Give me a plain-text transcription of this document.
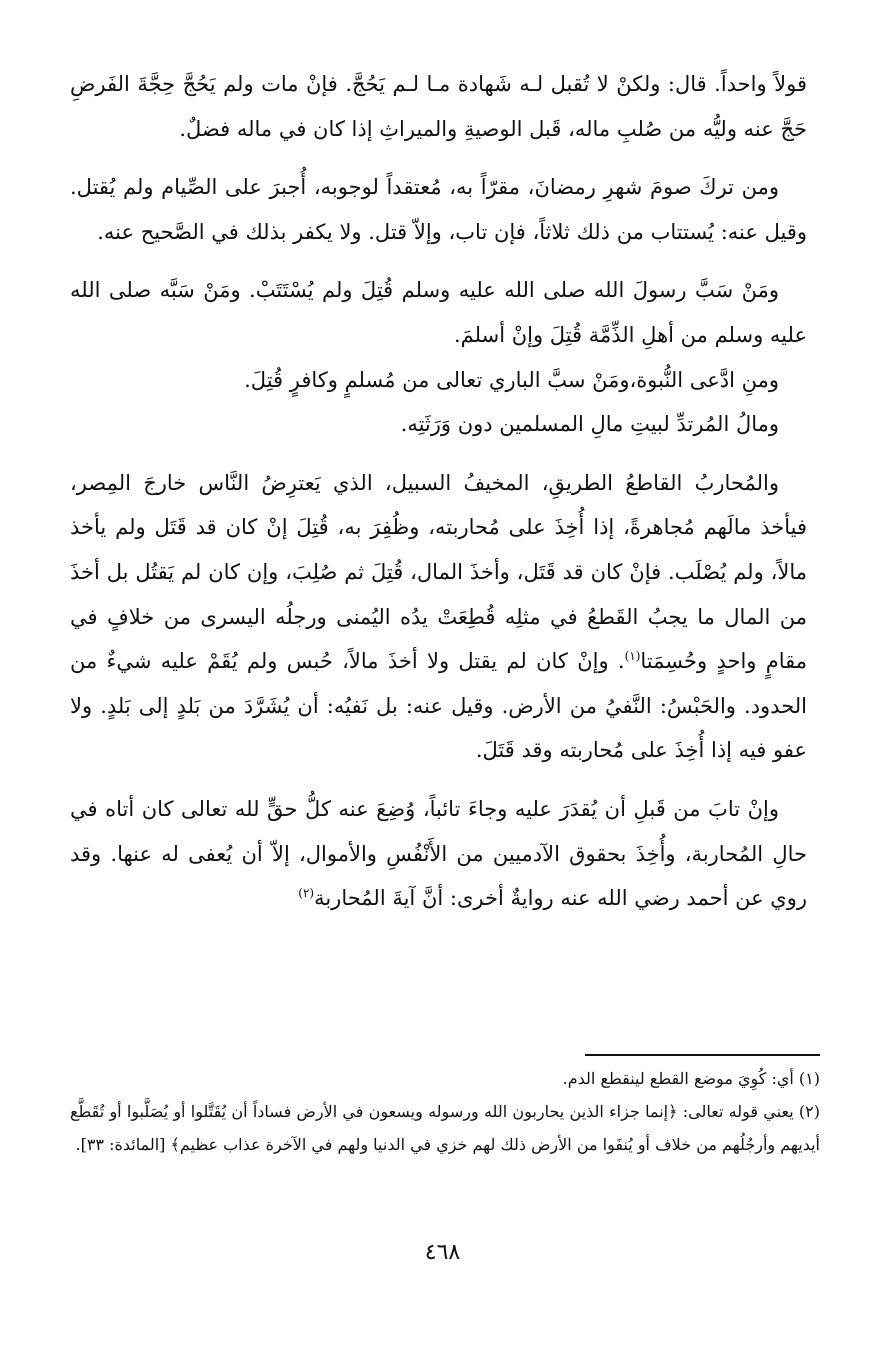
قولاً واحداً. قال: ولكنْ لا تُقبل لـه شَهادة مـا لـم يَحُجَّ. فإنْ مات ولم يَحُجَّ حِجَّةَ الفَرضِ حَجَّ عنه وليُّه من صُلبِ ماله، قَبل الوصيةِ والميراثِ إذا كان في ماله فضلٌ.

ومن تركَ صومَ شهرِ رمضانَ، مقرّاً به، مُعتقداً لوجوبه، أُجبرَ على الصِّيام ولم يُقتل. وقيل عنه: يُستتاب من ذلك ثلاثاً، فإن تاب، وإلاّ قتل. ولا يكفر بذلك في الصَّحيح عنه.

ومَنْ سَبَّ رسولَ الله صلى الله عليه وسلم قُتِلَ ولم يُسْتَتَبْ. ومَنْ سَبَّه صلى الله عليه وسلم من أهلِ الذِّمَّة قُتِلَ وإنْ أسلمَ.

ومنِ ادَّعى النُّبوة،ومَنْ سبَّ الباري تعالى من مُسلمٍ وكافرٍ قُتِلَ.

ومالُ المُرتدِّ لبيتِ مالِ المسلمين دون وَرَثَتِه.

والمُحاربُ القاطعُ الطريقِ، المخيفُ السبيل، الذي يَعترِضُ النَّاس خارجَ المِصر، فيأخذ مالَهم مُجاهرةً، إذا أُخِذَ على مُحاربته، وظُفِرَ به، قُتِلَ إنْ كان قد قَتَل ولم يأخذ مالاً، ولم يُصْلَب. فإنْ كان قد قَتَل، وأخذَ المال، قُتِلَ ثم صُلِبَ، وإن كان لم يَقتُل بل أخذَ من المال ما يجبُ القَطعُ في مثلِه قُطِعَتْ يدُه اليُمنى ورجلُه اليسرى من خلافٍ في مقامٍ واحدٍ وحُسِمَتا$^{(١)}$. وإنْ كان لم يقتل ولا أخذَ مالاً، حُبس ولم يُقَمْ عليه شيءٌ من الحدود. والحَبْسُ: النَّفيُ من الأرض. وقيل عنه: بل نَفيُه: أن يُشَرَّدَ من بَلدٍ إلى بَلدٍ. ولا عفو فيه إذا أُخِذَ على مُحاربته وقد قَتَلَ.

وإنْ تابَ من قَبلِ أن يُقدَرَ عليه وجاءَ تائباً، وُضِعَ عنه كلُّ حقٍّ لله تعالى كان أتاه في حالِ المُحاربة، وأُخِذَ بحقوق الآدميين من الأَنْفُسِ والأموال، إلاّ أن يُعفى له عنها. وقد روي عن أحمد رضي الله عنه روايةٌ أخرى: أنَّ آيةَ المُحاربة$^{(٢)}$

(١) أي: كُوِيَ موضع القطع لينقطع الدم.

(٢) يعني قوله تعالى: ﴿إنما جزاء الذين يحاربون الله ورسوله ويسعون في الأرض فساداً أن يُقَتَّلوا أو يُصَلَّبوا أو تُقَطَّع أيديهم وأرجُلُهم من خلاف أو يُنفَوا من الأرض ذلك لهم خزي في الدنيا ولهم في الآخرة عذاب عظيم﴾ [المائدة: ٣٣].

٤٦٨
